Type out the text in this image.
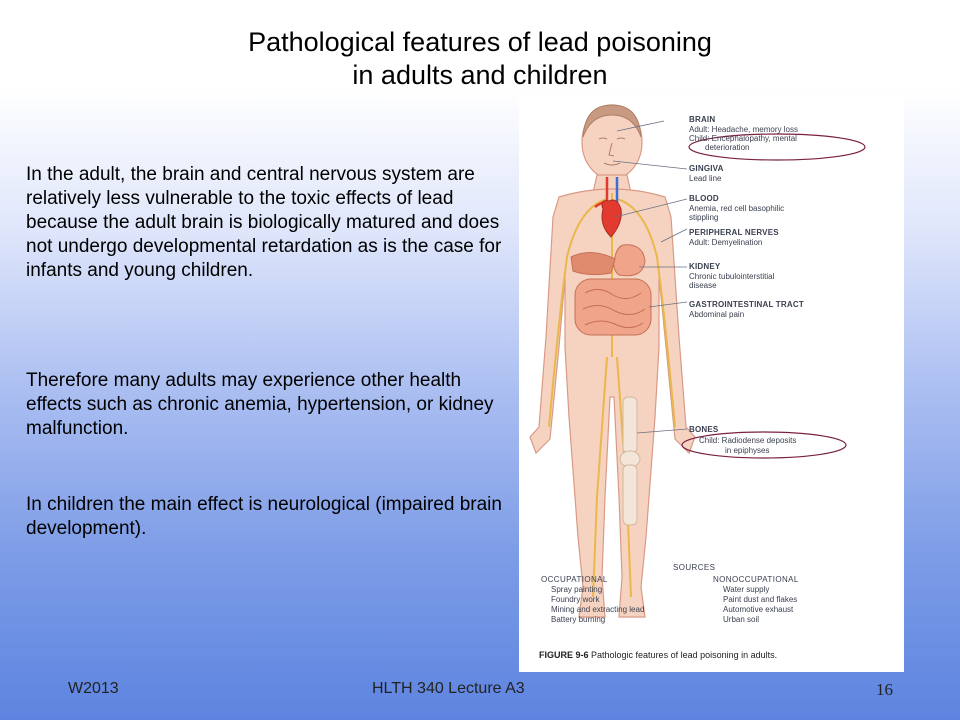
Pathological features of lead poisoning
in adults and children
In the adult, the brain and central nervous system are relatively less vulnerable to the toxic effects of lead because the adult brain is biologically matured and does not undergo developmental retardation as is the case for infants and young children.
Therefore many adults may experience other health effects such as chronic anemia, hypertension, or kidney malfunction.
In children the main effect is neurological (impaired brain development).
BRAIN
Adult: Headache, memory loss
Child: Encephalopathy, mental
deterioration
GINGIVA
Lead line
BLOOD
Anemia, red cell basophilic
stippling
PERIPHERAL NERVES
Adult: Demyelination
KIDNEY
Chronic tubulointerstitial
disease
GASTROINTESTINAL TRACT
Abdominal pain
BONES
Child: Radiodense deposits
in epiphyses
SOURCES
OCCUPATIONAL
Spray painting
Foundry work
Mining and extracting lead
Battery burning
NONOCCUPATIONAL
Water supply
Paint dust and flakes
Automotive exhaust
Urban soil
FIGURE 9-6 Pathologic features of lead poisoning in adults.
W2013	HLTH 340 Lecture A3	16
